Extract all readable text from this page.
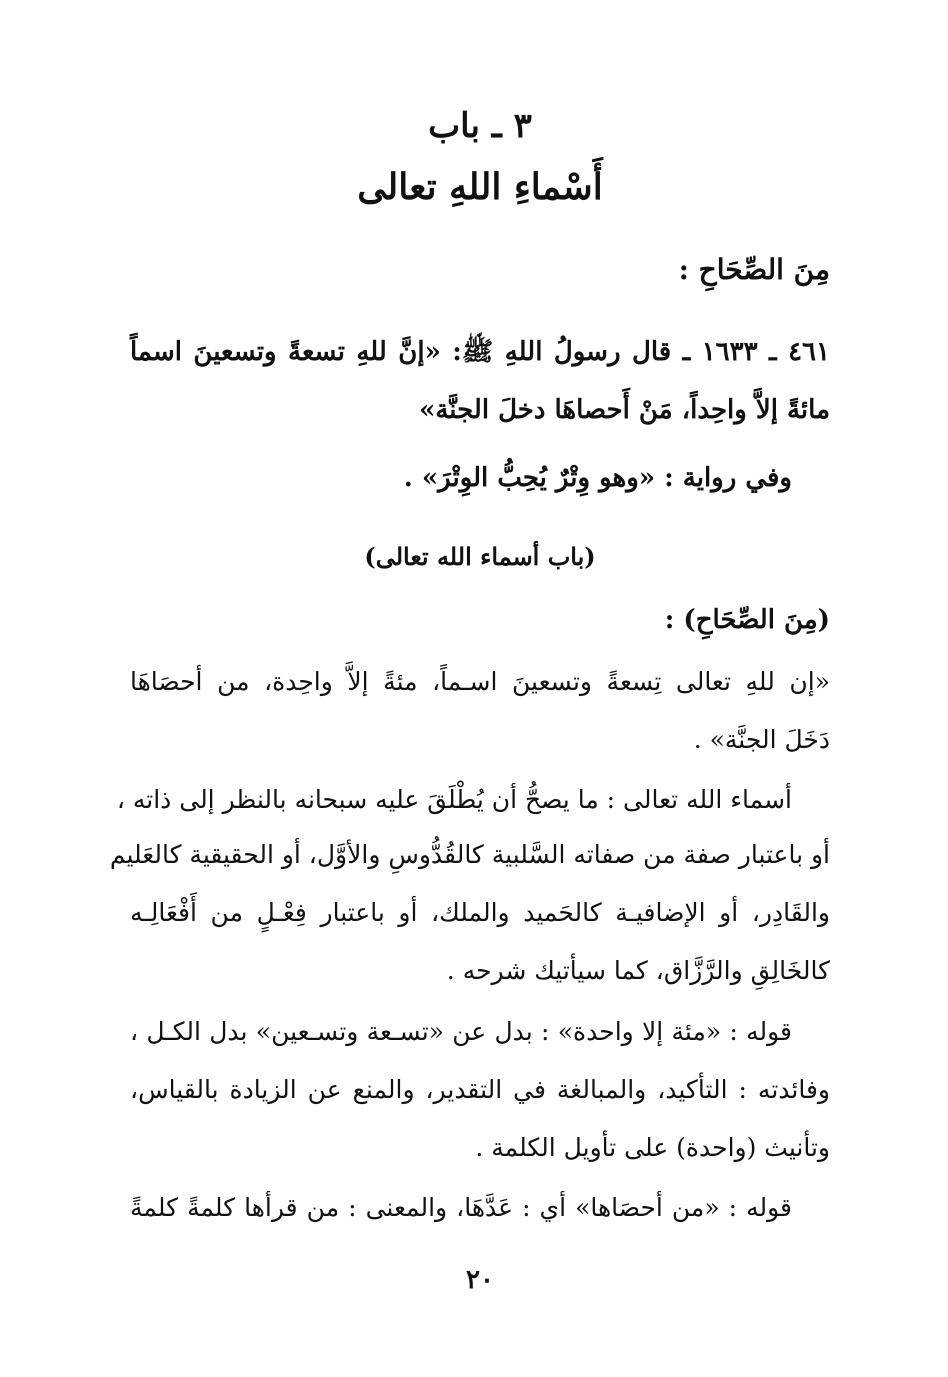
٣ ـ باب
أَسْماءِ اللهِ تعالى
مِنَ الصِّحَاحِ :
٤٦١ ـ ١٦٣٣ ـ قال رسولُ اللهِ ﷺ: «إنَّ للهِ تسعةً وتسعينَ اسماً
مائةً إلاَّ واحِداً، مَنْ أَحصاهَا دخلَ الجنَّة»
وفي رواية : «وهو وِتْرٌ يُحِبُّ الوِتْرَ» .
(باب أسماء الله تعالى)
(مِنَ الصِّحَاحِ) :
«إن للهِ تعالى تِسعةً وتسعينَ اسـماً، مئةً إلاَّ واحِدة، من أحصَاهَا
دَخَلَ الجنَّة» .
أسماء الله تعالى : ما يصحُّ أن يُطْلَقَ عليه سبحانه بالنظر إلى ذاته ،
أو باعتبار صفة من صفاته السَّلبية كالقُدُّوسِ والأوَّل، أو الحقيقية كالعَليم
والقَادِر، أو الإضافيـة كالحَميد والملك، أو باعتبار فِعْـلٍ من أَفْعَالِـه
كالخَالِقِ والرَّزَّاق، كما سيأتيك شرحه .
قوله : «مئة إلا واحدة» : بدل عن «تسـعة وتسـعين» بدل الكـل ،
وفائدته : التأكيد، والمبالغة في التقدير، والمنع عن الزيادة بالقياس،
وتأنيث (واحدة) على تأويل الكلمة .
قوله : «من أحصَاها» أي : عَدَّهَا، والمعنى : من قرأها كلمةً كلمةً
٢٠
